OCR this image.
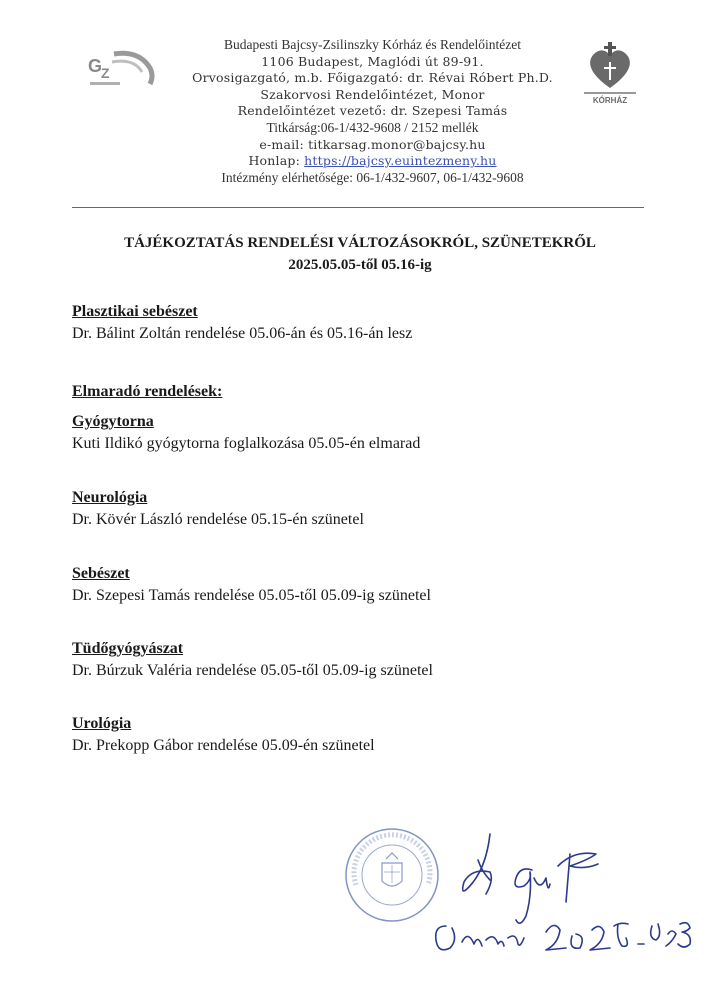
G
Z
KÓRHÁZ
Budapesti Bajcsy-Zsilinszky Kórház és Rendelőintézet
1106 Budapest, Maglódi út 89-91.
Orvosigazgató, m.b. Főigazgató: dr. Révai Róbert Ph.D.
Szakorvosi Rendelőintézet, Monor
Rendelőintézet vezető: dr. Szepesi Tamás
Titkárság:06-1/432-9608 / 2152 mellék
e-mail: titkarsag.monor@bajcsy.hu
Honlap: https://bajcsy.euintezmeny.hu
Intézmény elérhetősége: 06-1/432-9607, 06-1/432-9608
TÁJÉKOZTATÁS RENDELÉSI VÁLTOZÁSOKRÓL, SZÜNETEKRŐL
2025.05.05-től 05.16-ig
Plasztikai sebészet
Dr. Bálint Zoltán rendelése 05.06-án és 05.16-án lesz
Elmaradó rendelések:
Gyógytorna
Kuti Ildikó gyógytorna foglalkozása 05.05-én elmarad
Neurológia
Dr. Kövér László rendelése 05.15-én szünetel
Sebészet
Dr. Szepesi Tamás rendelése 05.05-től 05.09-ig szünetel
Tüdőgyógyászat
Dr. Búrzuk Valéria rendelése 05.05-től 05.09-ig szünetel
Urológia
Dr. Prekopp Gábor rendelése 05.09-én szünetel
